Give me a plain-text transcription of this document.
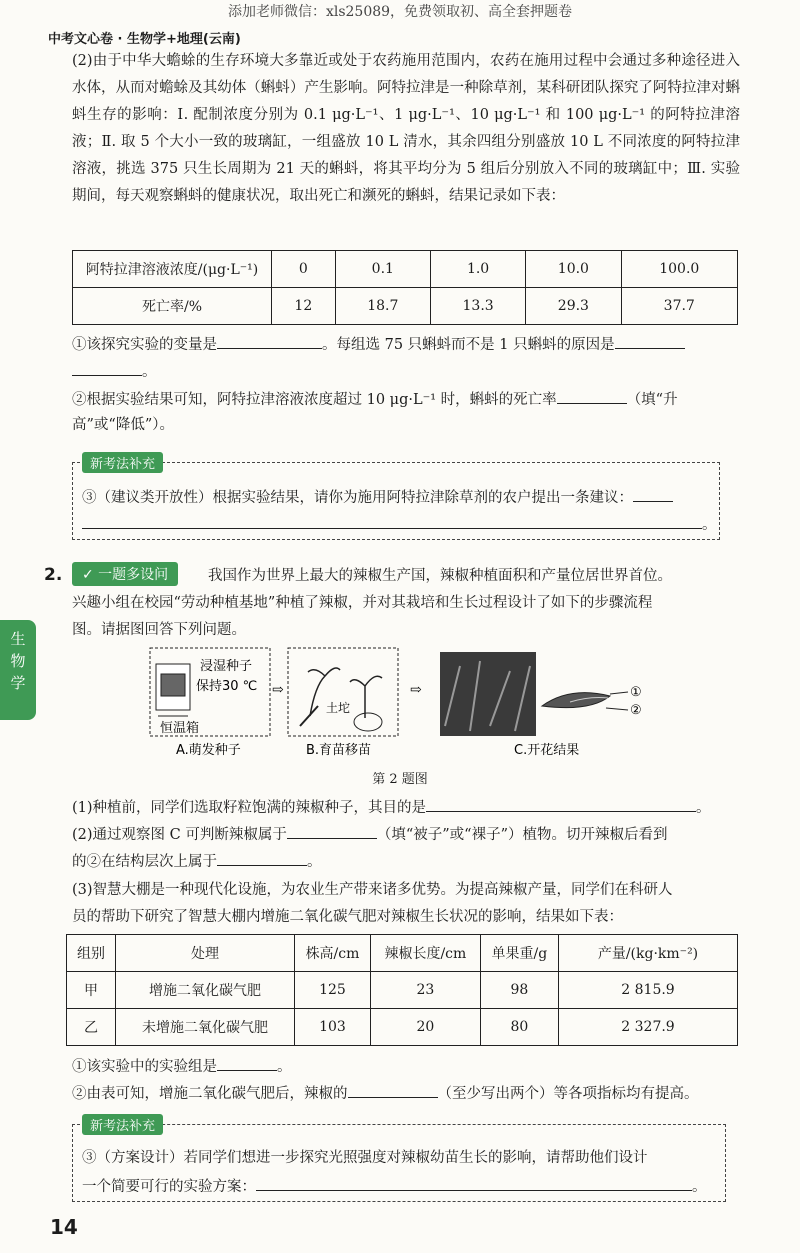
添加老师微信：xls25089，免费领取初、高全套押题卷
中考文心卷 · 生物学+地理(云南)
(2)由于中华大蟾蜍的生存环境大多靠近或处于农药施用范围内，农药在施用过程中会通过多种途径进入水体，从而对蟾蜍及其幼体（蝌蚪）产生影响。阿特拉津是一种除草剂，某科研团队探究了阿特拉津对蝌蚪生存的影响：Ⅰ. 配制浓度分别为 0.1 μg·L⁻¹、1 μg·L⁻¹、10 μg·L⁻¹ 和 100 μg·L⁻¹ 的阿特拉津溶液；Ⅱ. 取 5 个大小一致的玻璃缸，一组盛放 10 L 清水，其余四组分别盛放 10 L 不同浓度的阿特拉津溶液，挑选 375 只生长周期为 21 天的蝌蚪，将其平均分为 5 组后分别放入不同的玻璃缸中；Ⅲ. 实验期间，每天观察蝌蚪的健康状况，取出死亡和濒死的蝌蚪，结果记录如下表：
阿特拉津溶液浓度/(μg·L⁻¹)	0	0.1	1.0	10.0	100.0
死亡率/%	12	18.7	13.3	29.3	37.7
①该探究实验的变量是	。每组选 75 只蝌蚪而不是 1 只蝌蚪的原因是
。
②根据实验结果可知，阿特拉津溶液浓度超过 10 μg·L⁻¹ 时，蝌蚪的死亡率	（填“升
高”或“降低”）。
新考法补充
③（建议类开放性）根据实验结果，请你为施用阿特拉津除草剂的农户提出一条建议：
。
2.	✓ 一题多设问	我国作为世界上最大的辣椒生产国，辣椒种植面积和产量位居世界首位。
兴趣小组在校园“劳动种植基地”种植了辣椒，并对其栽培和生长过程设计了如下的步骤流程
图。请据图回答下列问题。
生物学
浸湿种子
保持30 ℃
恒温箱
⇨
土坨
⇨	①
②
A.萌发种子	B.育苗移苗	C.开花结果
第 2 题图
(1)种植前，同学们选取籽粒饱满的辣椒种子，其目的是	。
(2)通过观察图 C 可判断辣椒属于	（填“被子”或“裸子”）植物。切开辣椒后看到
的②在结构层次上属于	。
(3)智慧大棚是一种现代化设施，为农业生产带来诸多优势。为提高辣椒产量，同学们在科研人
员的帮助下研究了智慧大棚内增施二氧化碳气肥对辣椒生长状况的影响，结果如下表：
组别	处理	株高/cm	辣椒长度/cm	单果重/g	产量/(kg·km⁻²)
甲	增施二氧化碳气肥	125	23	98	2 815.9
乙	未增施二氧化碳气肥	103	20	80	2 327.9
①该实验中的实验组是	。
②由表可知，增施二氧化碳气肥后，辣椒的	（至少写出两个）等各项指标均有提高。
新考法补充
③（方案设计）若同学们想进一步探究光照强度对辣椒幼苗生长的影响，请帮助他们设计
一个简要可行的实验方案：	。
14
